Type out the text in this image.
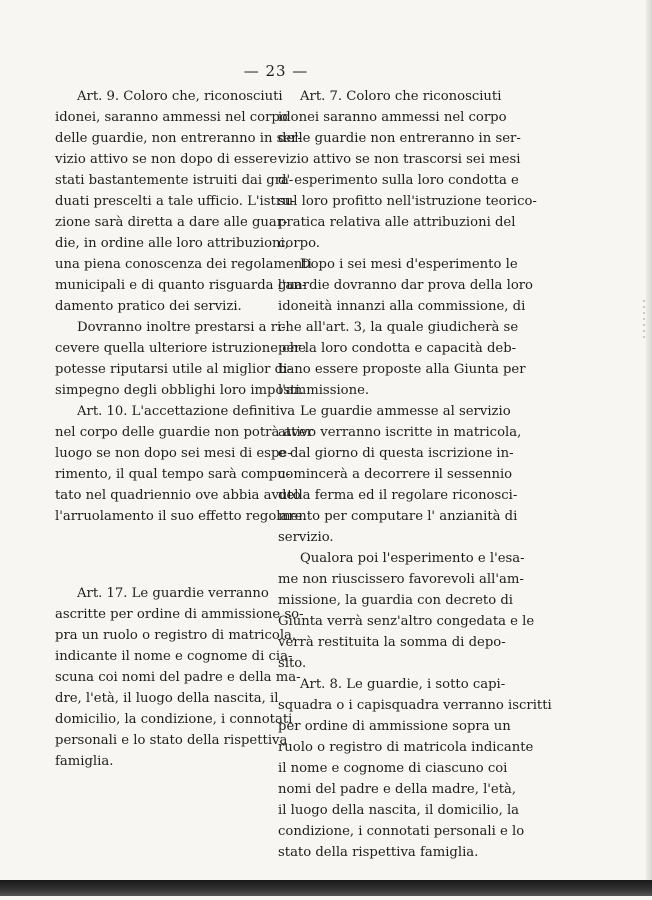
— 23 —
Art. 9. Coloro che, riconosciuti
idonei, saranno ammessi nel corpo
delle guardie, non entreranno in ser-
vizio attivo se non dopo di essere
stati bastantemente istruiti dai gra-
duati prescelti a tale ufficio. L'istru-
zione sarà diretta a dare alle guar-
die, in ordine alle loro attribuzioni,
una piena conoscenza dei regolamenti
municipali e di quanto risguarda l'an-
damento pratico dei servizi.
Dovranno inoltre prestarsi a ri-
cevere quella ulteriore istruzione che
potesse riputarsi utile al miglior di-
simpegno degli obblighi loro imposti.
Art. 10. L'accettazione definitiva
nel corpo delle guardie non potrà aver
luogo se non dopo sei mesi di espe-
rimento, il qual tempo sarà compu-
tato nel quadriennio ove abbia avuto
l'arruolamento il suo effetto regolare.
Art. 17. Le guardie verranno
ascritte per ordine di ammissione so-
pra un ruolo o registro di matricola,
indicante il nome e cognome di cia-
scuna coi nomi del padre e della ma-
dre, l'età, il luogo della nascita, il
domicilio, la condizione, i connotati
personali e lo stato della rispettiva
famiglia.
Art. 7. Coloro che riconosciuti
idonei saranno ammessi nel corpo
delle guardie non entreranno in ser-
vizio attivo se non trascorsi sei mesi
d' esperimento sulla loro condotta e
sul loro profitto nell'istruzione teorico-
pratica relativa alle attribuzioni del
corpo.
Dopo i sei mesi d'esperimento le
guardie dovranno dar prova della loro
idoneità innanzi alla commissione, di
che all'art. 3, la quale giudicherà se
per la loro condotta e capacità deb-
bano essere proposte alla Giunta per
l'ammissione.
Le guardie ammesse al servizio
attivo verranno iscritte in matricola,
e dal giorno di questa iscrizione in-
comincerà a decorrere il sessennio
della ferma ed il regolare riconosci-
mento per computare l' anzianità di
servizio.
Qualora poi l'esperimento e l'esa-
me non riuscissero favorevoli all'am-
missione, la guardia con decreto di
Giunta verrà senz'altro congedata e le
verrà restituita la somma di depo-
sito.
Art. 8. Le guardie, i sotto capi-
squadra o i capisquadra verranno iscritti
per ordine di ammissione sopra un
ruolo o registro di matricola indicante
il nome e cognome di ciascuno coi
nomi del padre e della madre, l'età,
il luogo della nascita, il domicilio, la
condizione, i connotati personali e lo
stato della rispettiva famiglia.
